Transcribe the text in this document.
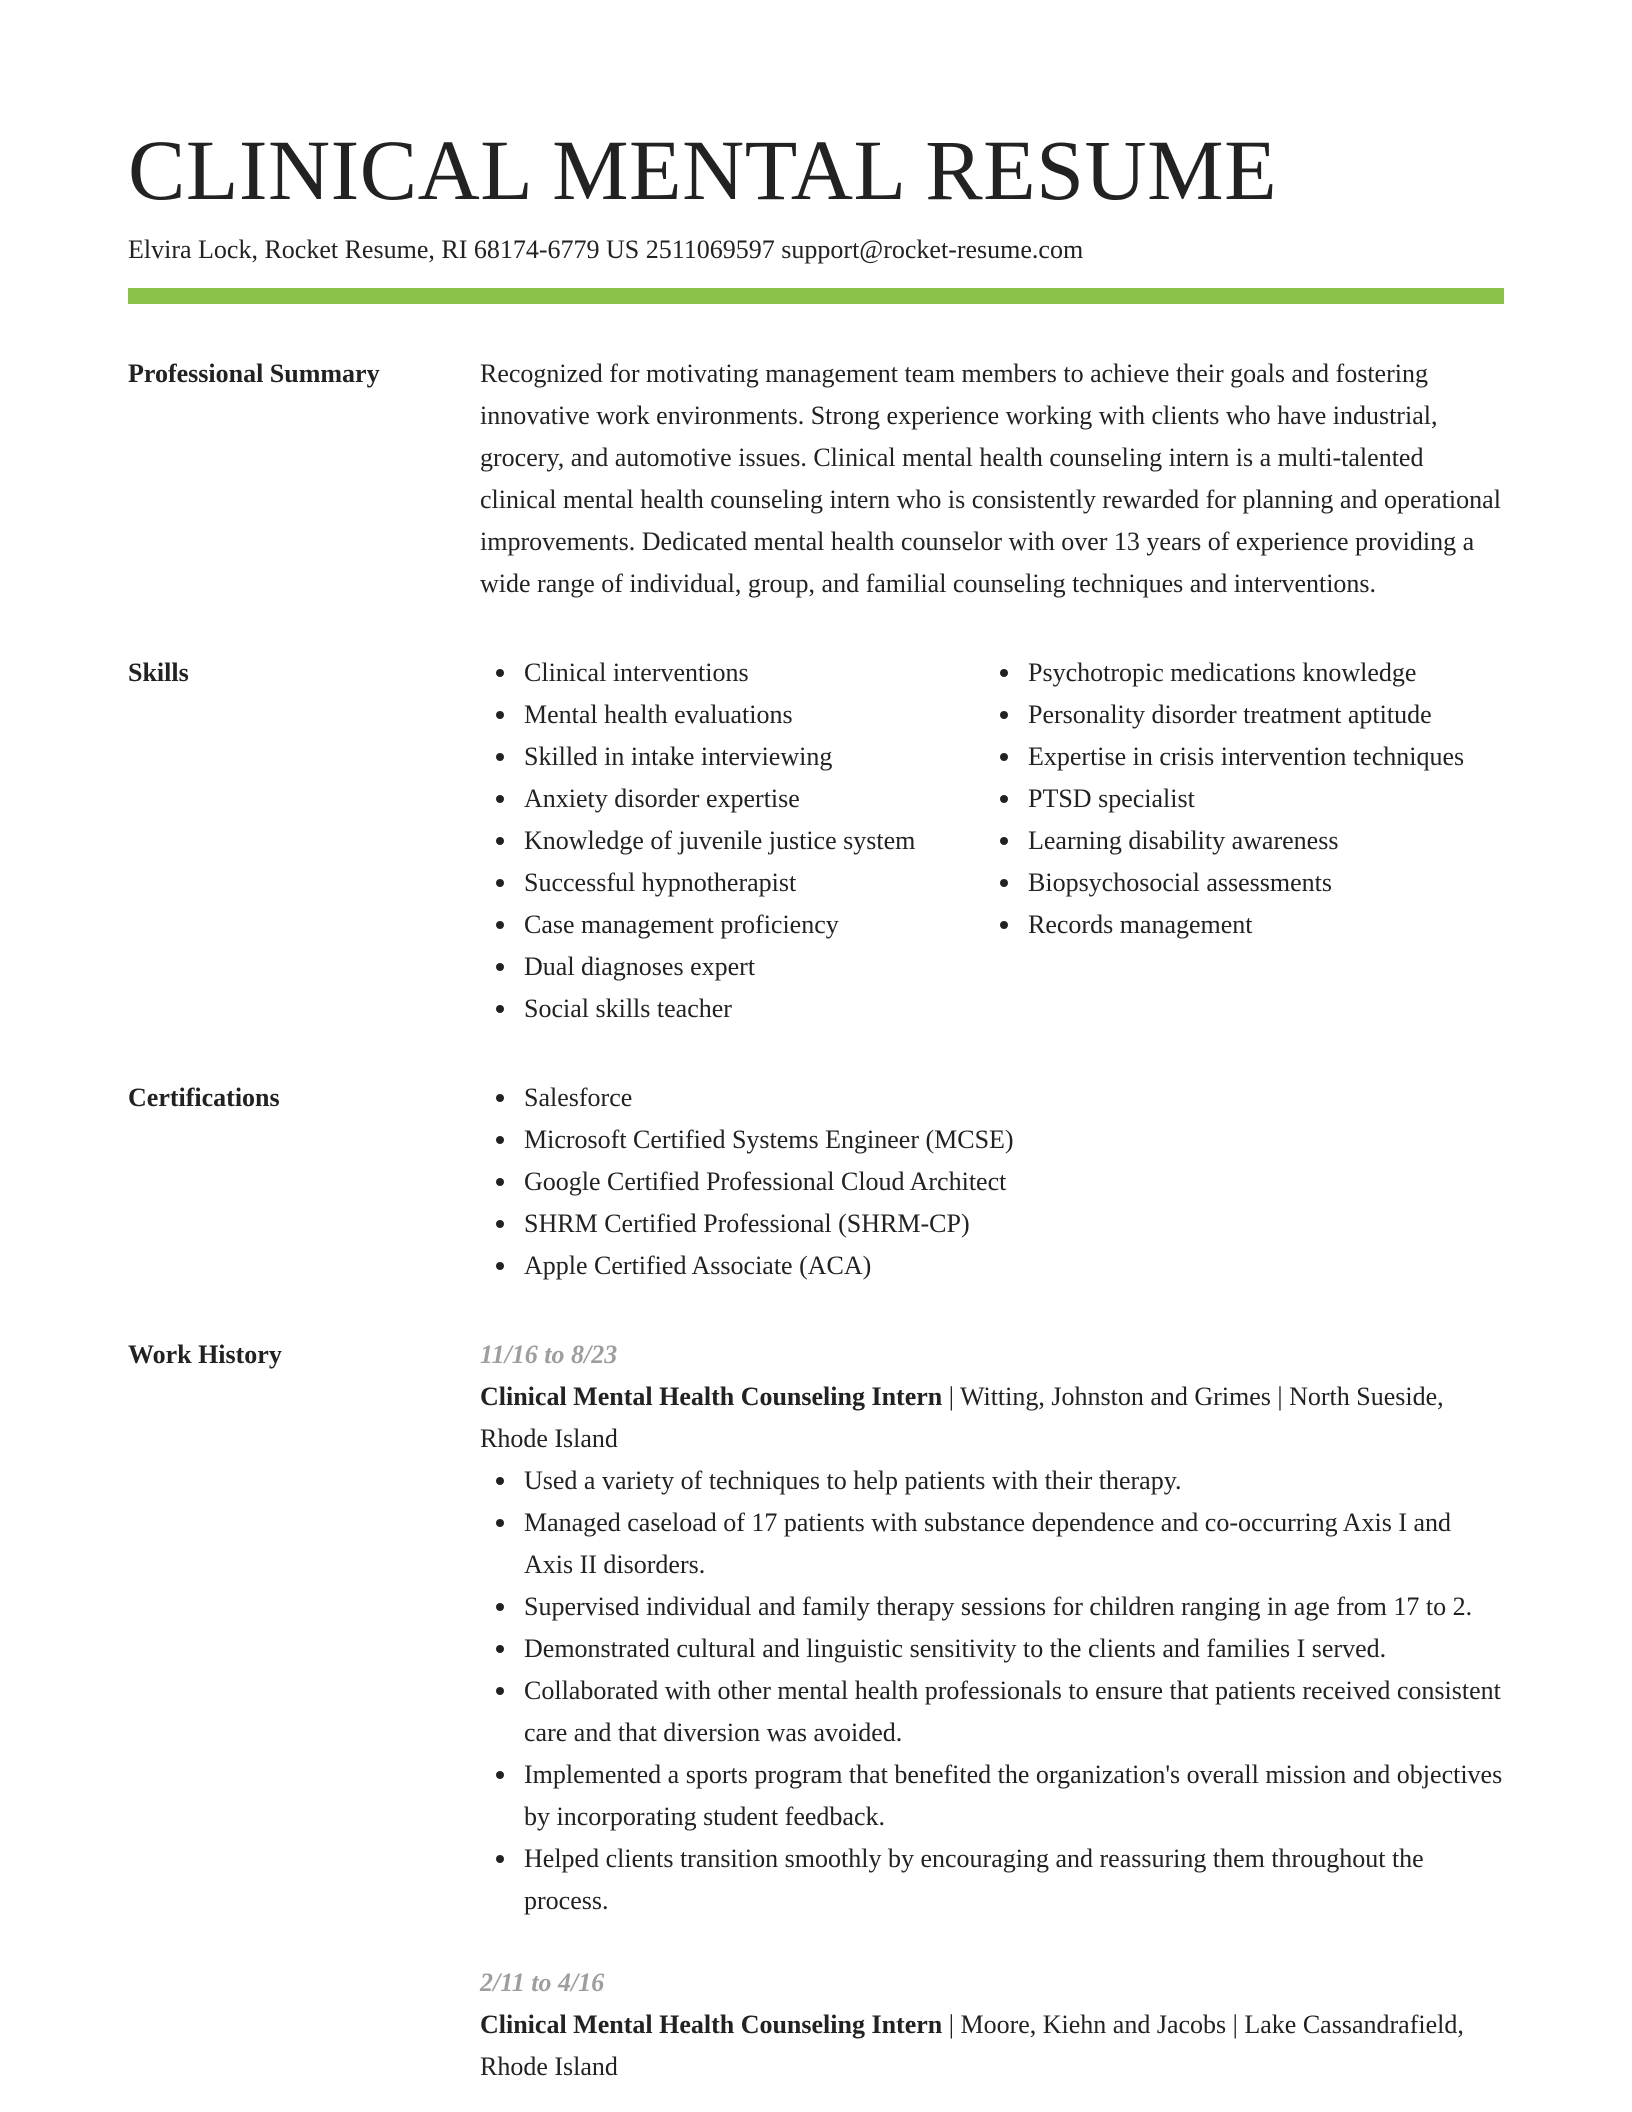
CLINICAL MENTAL RESUME
Elvira Lock, Rocket Resume, RI 68174-6779 US 2511069597 support@rocket-resume.com
Professional Summary	Recognized for motivating management team members to achieve their goals and fostering innovative work environments. Strong experience working with clients who have industrial, grocery, and automotive issues. Clinical mental health counseling intern is a multi-talented clinical mental health counseling intern who is consistently rewarded for planning and operational improvements. Dedicated mental health counselor with over 13 years of experience providing a wide range of individual, group, and familial counseling techniques and interventions.

Skills	Clinical interventions
Mental health evaluations
Skilled in intake interviewing
Anxiety disorder expertise
Knowledge of juvenile justice system
Successful hypnotherapist
Case management proficiency
Dual diagnoses expert
Social skills teacher
Psychotropic medications knowledge
Personality disorder treatment aptitude
Expertise in crisis intervention techniques
PTSD specialist
Learning disability awareness
Biopsychosocial assessments
Records management
Certifications	Salesforce
Microsoft Certified Systems Engineer (MCSE)
Google Certified Professional Cloud Architect
SHRM Certified Professional (SHRM-CP)
Apple Certified Associate (ACA)
Work History	11/16 to 8/23
Clinical Mental Health Counseling Intern | Witting, Johnston and Grimes | North Sueside, Rhode Island
Used a variety of techniques to help patients with their therapy.
Managed caseload of 17 patients with substance dependence and co-occurring Axis I and Axis II disorders.
Supervised individual and family therapy sessions for children ranging in age from 17 to 2.
Demonstrated cultural and linguistic sensitivity to the clients and families I served.
Collaborated with other mental health professionals to ensure that patients received consistent care and that diversion was avoided.
Implemented a sports program that benefited the organization's overall mission and objectives by incorporating student feedback.
Helped clients transition smoothly by encouraging and reassuring them throughout the process.
2/11 to 4/16
Clinical Mental Health Counseling Intern | Moore, Kiehn and Jacobs | Lake Cassandrafield, Rhode Island
